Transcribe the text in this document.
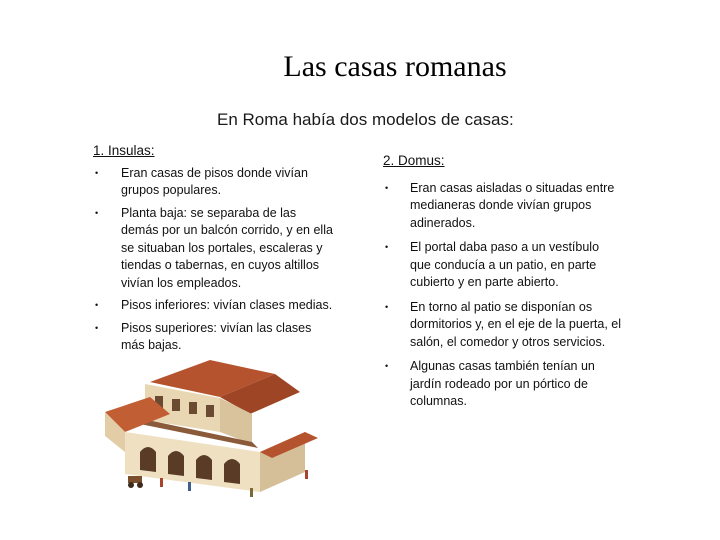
Las casas romanas
En Roma había dos modelos de casas:
1. Insulas:
• Eran casas de pisos donde vivían grupos populares.
• Planta baja: se separaba de las demás por un balcón corrido, y en ella se situaban los portales, escaleras y tiendas o tabernas, en cuyos altillos vivían los empleados.
• Pisos inferiores: vivían clases medias.
• Pisos superiores: vivían las clases más bajas.
2. Domus:
• Eran casas aisladas o situadas entre medianeras donde vivían grupos adinerados.
• El portal daba paso a un vestíbulo que conducía a un patio, en parte cubierto y en parte abierto.
• En torno al patio se disponían os dormitorios y, en el eje de la puerta, el salón, el comedor y otros servicios.
• Algunas casas también tenían un jardín rodeado por un pórtico de columnas.
